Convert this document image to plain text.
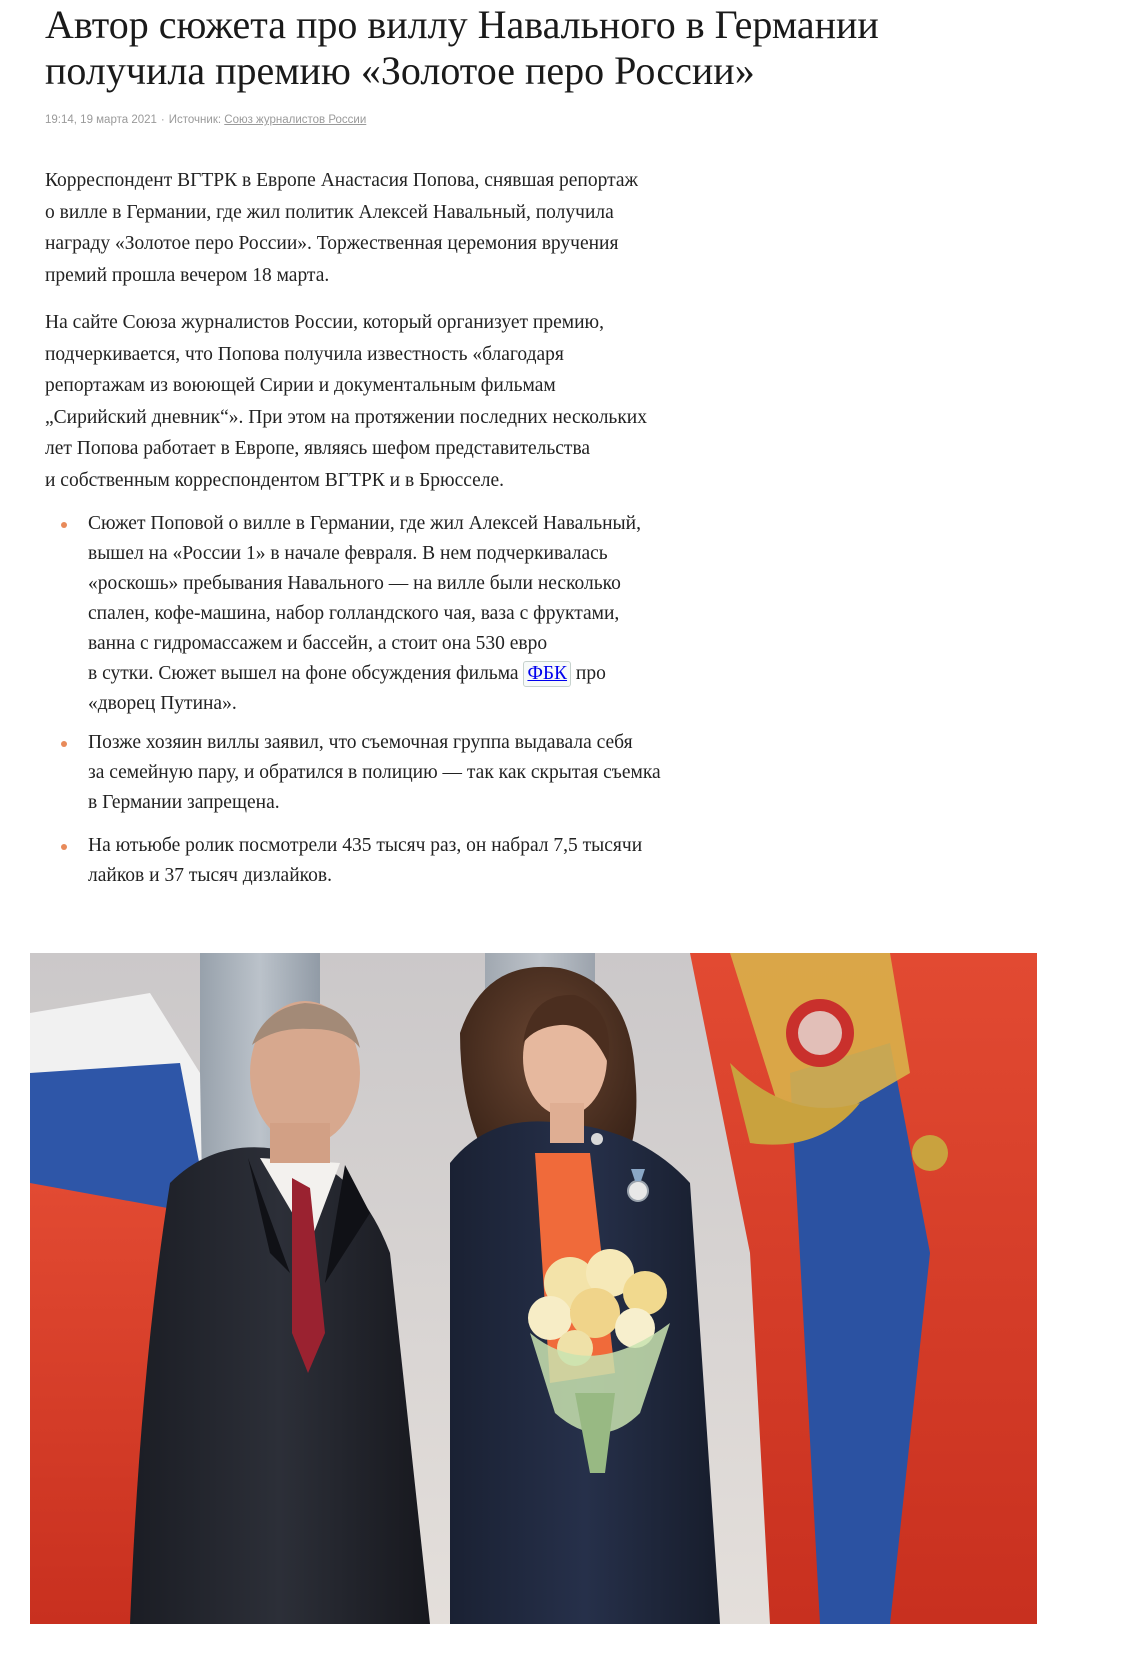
Автор сюжета про виллу Навального в Германии
получила премию «Золотое перо России»
19:14, 19 марта 2021 · Источник: Союз журналистов России

Корреспондент ВГТРК в Европе Анастасия Попова, снявшая репортаж
о вилле в Германии, где жил политик Алексей Навальный, получила
награду «Золотое перо России». Торжественная церемония вручения
премий прошла вечером 18 марта.

На сайте Союза журналистов России, который организует премию,
подчеркивается, что Попова получила известность «благодаря
репортажам из воюющей Сирии и документальным фильмам
„Сирийский дневник“». При этом на протяжении последних нескольких
лет Попова работает в Европе, являясь шефом представительства
и собственным корреспондентом ВГТРК и в Брюсселе.

Сюжет Поповой о вилле в Германии, где жил Алексей Навальный,
вышел на «России 1» в начале февраля. В нем подчеркивалась
«роскошь» пребывания Навального — на вилле были несколько
спален, кофе-машина, набор голландского чая, ваза с фруктами,
ванна с гидромассажем и бассейн, а стоит она 530 евро
в сутки. Сюжет вышел на фоне обсуждения фильма ФБК про
«дворец Путина».
Позже хозяин виллы заявил, что съемочная группа выдавала себя
за семейную пару, и обратился в полицию — так как скрытая съемка
в Германии запрещена.
На ютьюбе ролик посмотрели 435 тысяч раз, он набрал 7,5 тысячи
лайков и 37 тысяч дизлайков.
